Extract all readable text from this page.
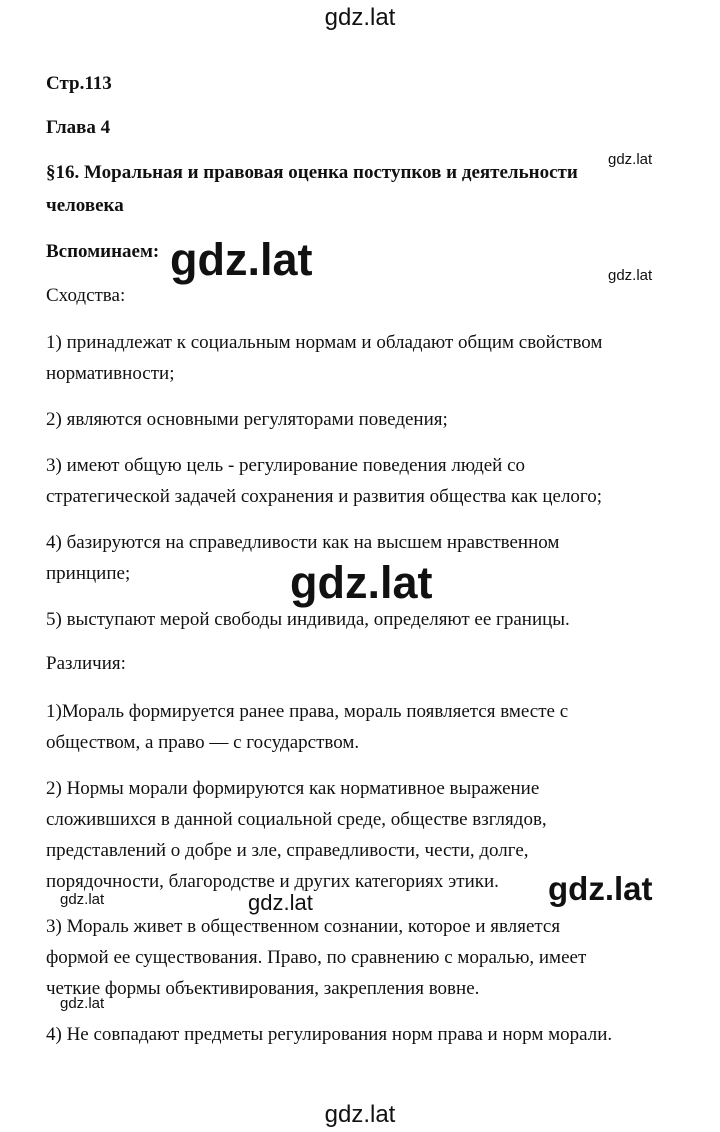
gdz.lat
gdz.lat
gdz.lat
gdz.lat
gdz.lat
gdz.lat
gdz.lat
gdz.lat
gdz.lat
gdz.lat
Стр.113
Глава 4
§16. Моральная и правовая оценка поступков и деятельности
человека
Вспоминаем:
Сходства:
1) принадлежат к социальным нормам и обладают общим свойством
нормативности;
2) являются основными регуляторами поведения;
3) имеют общую цель - регулирование поведения людей со
стратегической задачей сохранения и развития общества как целого;
4) базируются на справедливости как на высшем нравственном
принципе;
5) выступают мерой свободы индивида, определяют ее границы.
Различия:
1)Мораль формируется ранее права, мораль появляется вместе с
обществом, а право — с государством.
2) Нормы морали формируются как нормативное выражение
сложившихся в данной социальной среде, обществе взглядов,
представлений о добре и зле, справедливости, чести, долге,
порядочности, благородстве и других категориях этики.
3) Мораль живет в общественном сознании, которое и является
формой ее существования. Право, по сравнению с моралью, имеет
четкие формы объективирования, закрепления вовне.
4) Не совпадают предметы регулирования норм права и норм морали.
